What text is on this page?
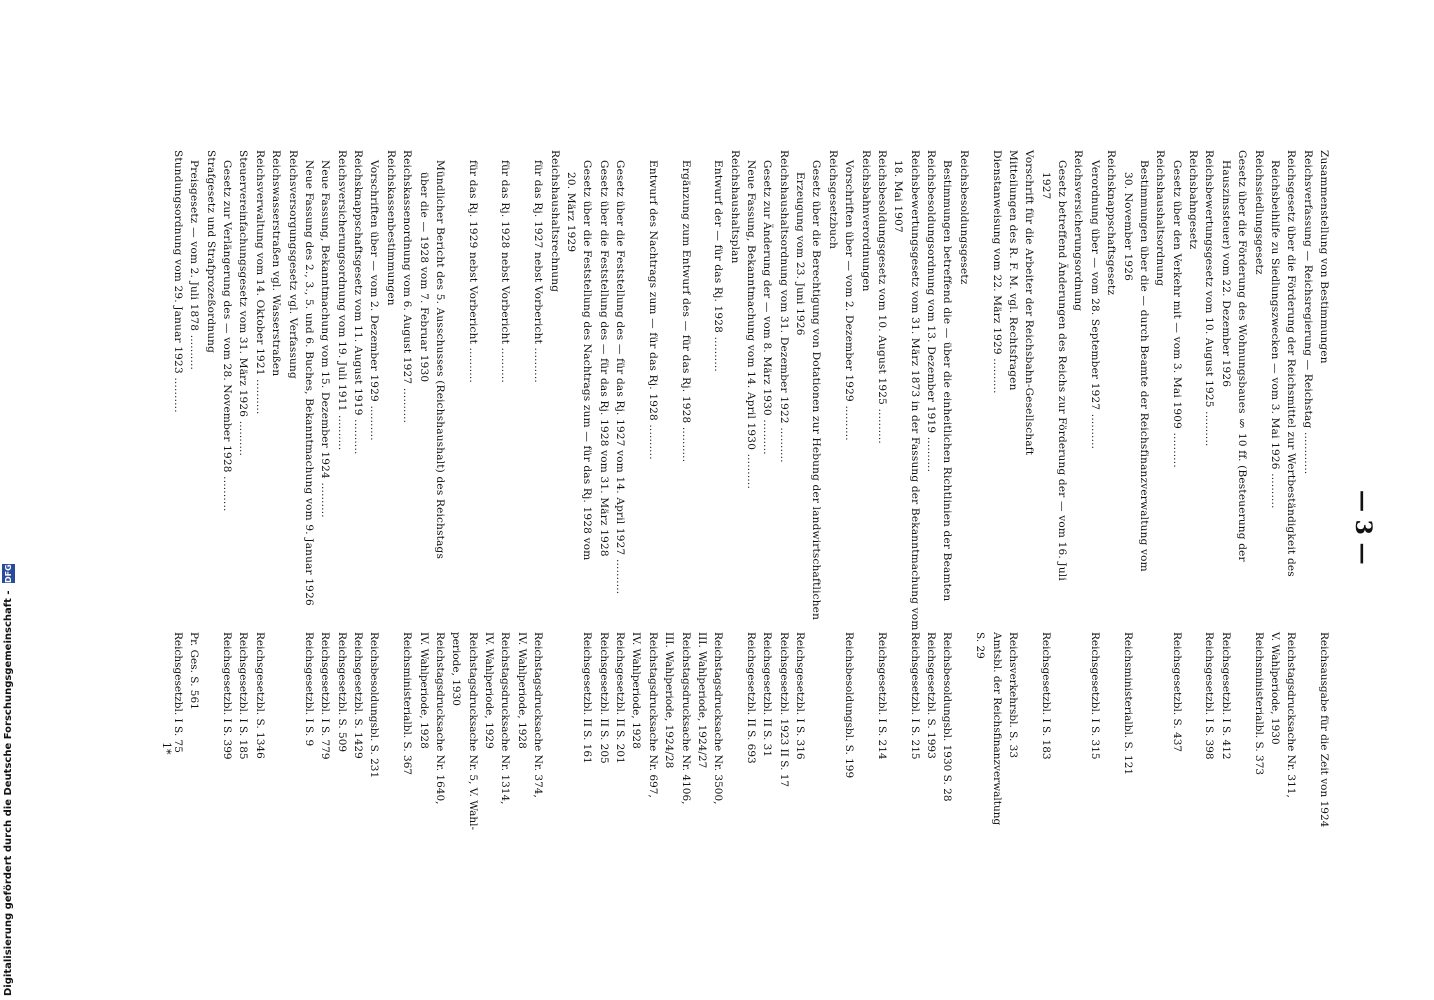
— 3 —
Zusammenstellung von Bestimmungen
Reichsausgabe für die Zeit von 1924
Reichsverfassung — Reichsregierung — Reichstag ............
Reichsgesetz über die Förderung der Reichsmittel zur Wertbeständigkeit des
Reichstagsdrucksache Nr. 311,
Reichsbeihilfe zu Siedlungszwecken — vom 3. Mai 1926 ..........
V. Wahlperiode, 1930
Reichssiedlungsgesetz
Reichsministerialbl. S. 373
Gesetz über die Förderung des Wohnungsbaues § 10 ff. (Besteuerung der
Hauszinssteuer) vom 22. Dezember 1926
Reichsgesetzbl. I S. 412
Reichsbewertungsgesetz vom 10. August 1925 ..........
Reichsgesetzbl. I S. 398
Reichsbahngesetz
Gesetz über den Verkehr mit — vom 3. Mai 1909 ..........
Reichsgesetzbl. S. 437
Reichshaushaltsordnung
Bestimmungen über die — durch Beamte der Reichsfinanzverwaltung vom
30. November 1926
Reichsministerialbl. S. 121
Reichsknappschaftsgesetz
Verordnung über — vom 28. September 1927 ..........
Reichsgesetzbl. I S. 315
Reichsversicherungsordnung
Gesetz betreffend Änderungen des Reichs zur Förderung der — vom 16. Juli
1927
Reichsgesetzbl. I S. 183
Vorschrift für die Arbeiter der Reichsbahn-Gesellschaft
Mitteilungen des R. F. M. vgl. Rechtsfragen
Reichsverkehrsbl. S. 33
Dienstanweisung vom 22. März 1929 ..........
Amtsbl. der Reichsfinanzverwaltung
S. 29
Reichsbesoldungsgesetz
Bestimmungen betreffend die — über die einheitlichen Richtlinien der Beamten
Reichsbesoldungsbl. 1930 S. 28
Reichsbesoldungsordnung vom 13. Dezember 1919 ..........
Reichsgesetzbl. S. 1993
Reichsbewertungsgesetz vom 31. März 1873 in der Fassung der Bekanntmachung vom
Reichsgesetzbl. I S. 215
18. Mai 1907
Reichsbesoldungsgesetz vom 10. August 1925 ..........
Reichsgesetzbl. I S. 214
Reichsbahnverordnungen
Vorschriften über — vom 2. Dezember 1929 ..........
Reichsbesoldungsbl. S. 199
Reichsgesetzbuch
Gesetz über die Berechtigung von Dotationen zur Hebung der landwirtschaftlichen
Erzeugung vom 23. Juni 1926
Reichsgesetzbl. I S. 316
Reichshaushaltsordnung vom 31. Dezember 1922 ..........
Reichsgesetzbl. 1923 II S. 17
Gesetz zur Änderung der — vom 8. März 1930 ..........
Reichsgesetzbl. II S. 31
Neue Fassung, Bekanntmachung vom 14. April 1930 ..........
Reichsgesetzbl. II S. 693
Reichshaushaltsplan
Entwurf der — für das Rj. 1928 ..........
Reichstagsdrucksache Nr. 3500,
III. Wahlperiode, 1924/27
Ergänzung zum Entwurf des — für das Rj. 1928 ..........
Reichstagsdrucksache Nr. 4106,
III. Wahlperiode, 1924/28
Entwurf des Nachtrags zum — für das Rj. 1928 ..........
Reichstagsdrucksache Nr. 697,
IV. Wahlperiode, 1928
Gesetz über die Feststellung des — für das Rj. 1927 vom 14. April 1927 ..........
Reichsgesetzbl. II S. 201
Gesetz über die Feststellung des — für das Rj. 1928 vom 31. März 1928
Reichsgesetzbl. II S. 205
Gesetz über die Feststellung des Nachtrags zum — für das Rj. 1928 vom
Reichsgesetzbl. II S. 161
20. März 1929
Reichshaushaltsrechnung
für das Rj. 1927 nebst Vorbericht ..........
Reichstagsdrucksache Nr. 374,
IV. Wahlperiode, 1928
für das Rj. 1928 nebst Vorbericht ..........
Reichstagsdrucksache Nr. 1314,
IV. Wahlperiode, 1929
für das Rj. 1929 nebst Vorbericht ..........
Reichstagsdrucksache Nr. 5, V. Wahl-
periode, 1930
Mündlicher Bericht des 5. Ausschusses (Reichshaushalt) des Reichstags
Reichstagsdrucksache Nr. 1640,
über die — 1928 vom 7. Februar 1930
IV. Wahlperiode, 1928
Reichskassenordnung vom 6. August 1927 ..........
Reichsministerialbl. S. 367
Reichskassenbestimmungen
Vorschriften über — vom 2. Dezember 1929 ..........
Reichsbesoldungsbl. S. 231
Reichsknappschaftsgesetz vom 11. August 1919 ..........
Reichsgesetzbl. S. 1429
Reichsversicherungsordnung vom 19. Juli 1911 ..........
Reichsgesetzbl. S. 509
Neue Fassung, Bekanntmachung vom 15. Dezember 1924 ..........
Reichsgesetzbl. I S. 779
Neue Fassung des 2., 3., 5. und 6. Buches, Bekanntmachung vom 9. Januar 1926
Reichsgesetzbl. I S. 9
Reichsversorgungsgesetz vgl. Verfassung
Reichswasserstraßen vgl. Wasserstraßen
Reichsverwaltung vom 14. Oktober 1921 ..........
Reichsgesetzbl. S. 1346
Steuervereinfachungsgesetz vom 31. März 1926 ..........
Reichsgesetzbl. I S. 185
Gesetz zur Verlängerung des — vom 28. November 1928 ..........
Reichsgesetzbl. I S. 399
Strafgesetz und Strafprozeßordnung
Preisgesetz — vom 2. Juli 1878 ..........
Pr. Ges. S. 561
Stundungsordnung vom 29. Januar 1923 ..........
Reichsgesetzbl. I S. 75
1*
Digitalisierung gefördert durch die Deutsche Forschungsgemeinschaft - DFG
